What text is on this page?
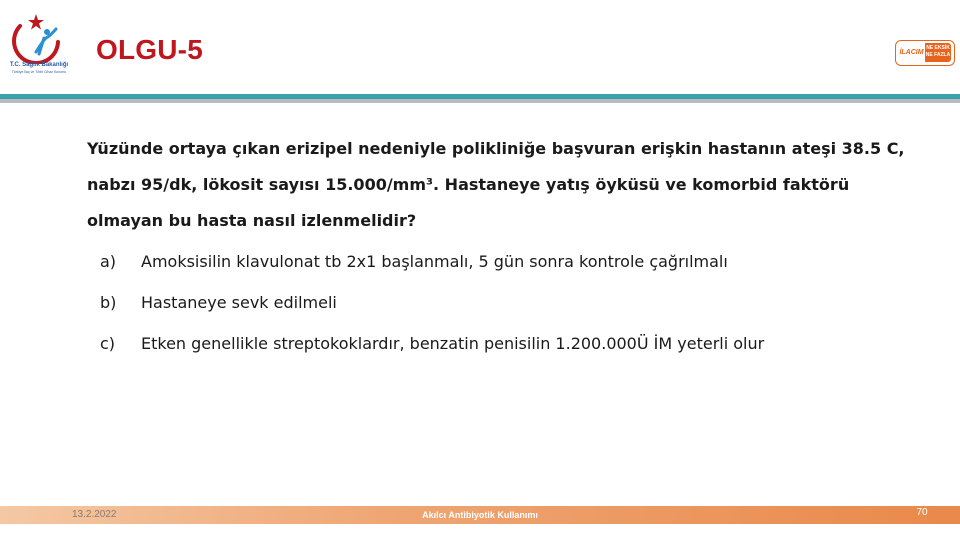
T.C. Sağlık Bakanlığı
Türkiye İlaç ve Tıbbi Cihaz Kurumu
OLGU-5	İLACIM
NE EKSİK NE FAZLA
Yüzünde ortaya çıkan erizipel nedeniyle polikliniğe başvuran erişkin hastanın ateşi 38.5 C, nabzı 95/dk, lökosit sayısı 15.000/mm³. Hastaneye yatış öyküsü ve komorbid faktörü olmayan bu hasta nasıl izlenmelidir?
a)	Amoksisilin klavulonat tb 2x1 başlanmalı, 5 gün sonra kontrole çağrılmalı
b)	Hastaneye sevk edilmeli
c)	Etken genellikle streptokoklardır, benzatin penisilin 1.200.000Ü İM yeterli olur
13.2.2022	Akılcı Antibiyotik Kullanımı	70
